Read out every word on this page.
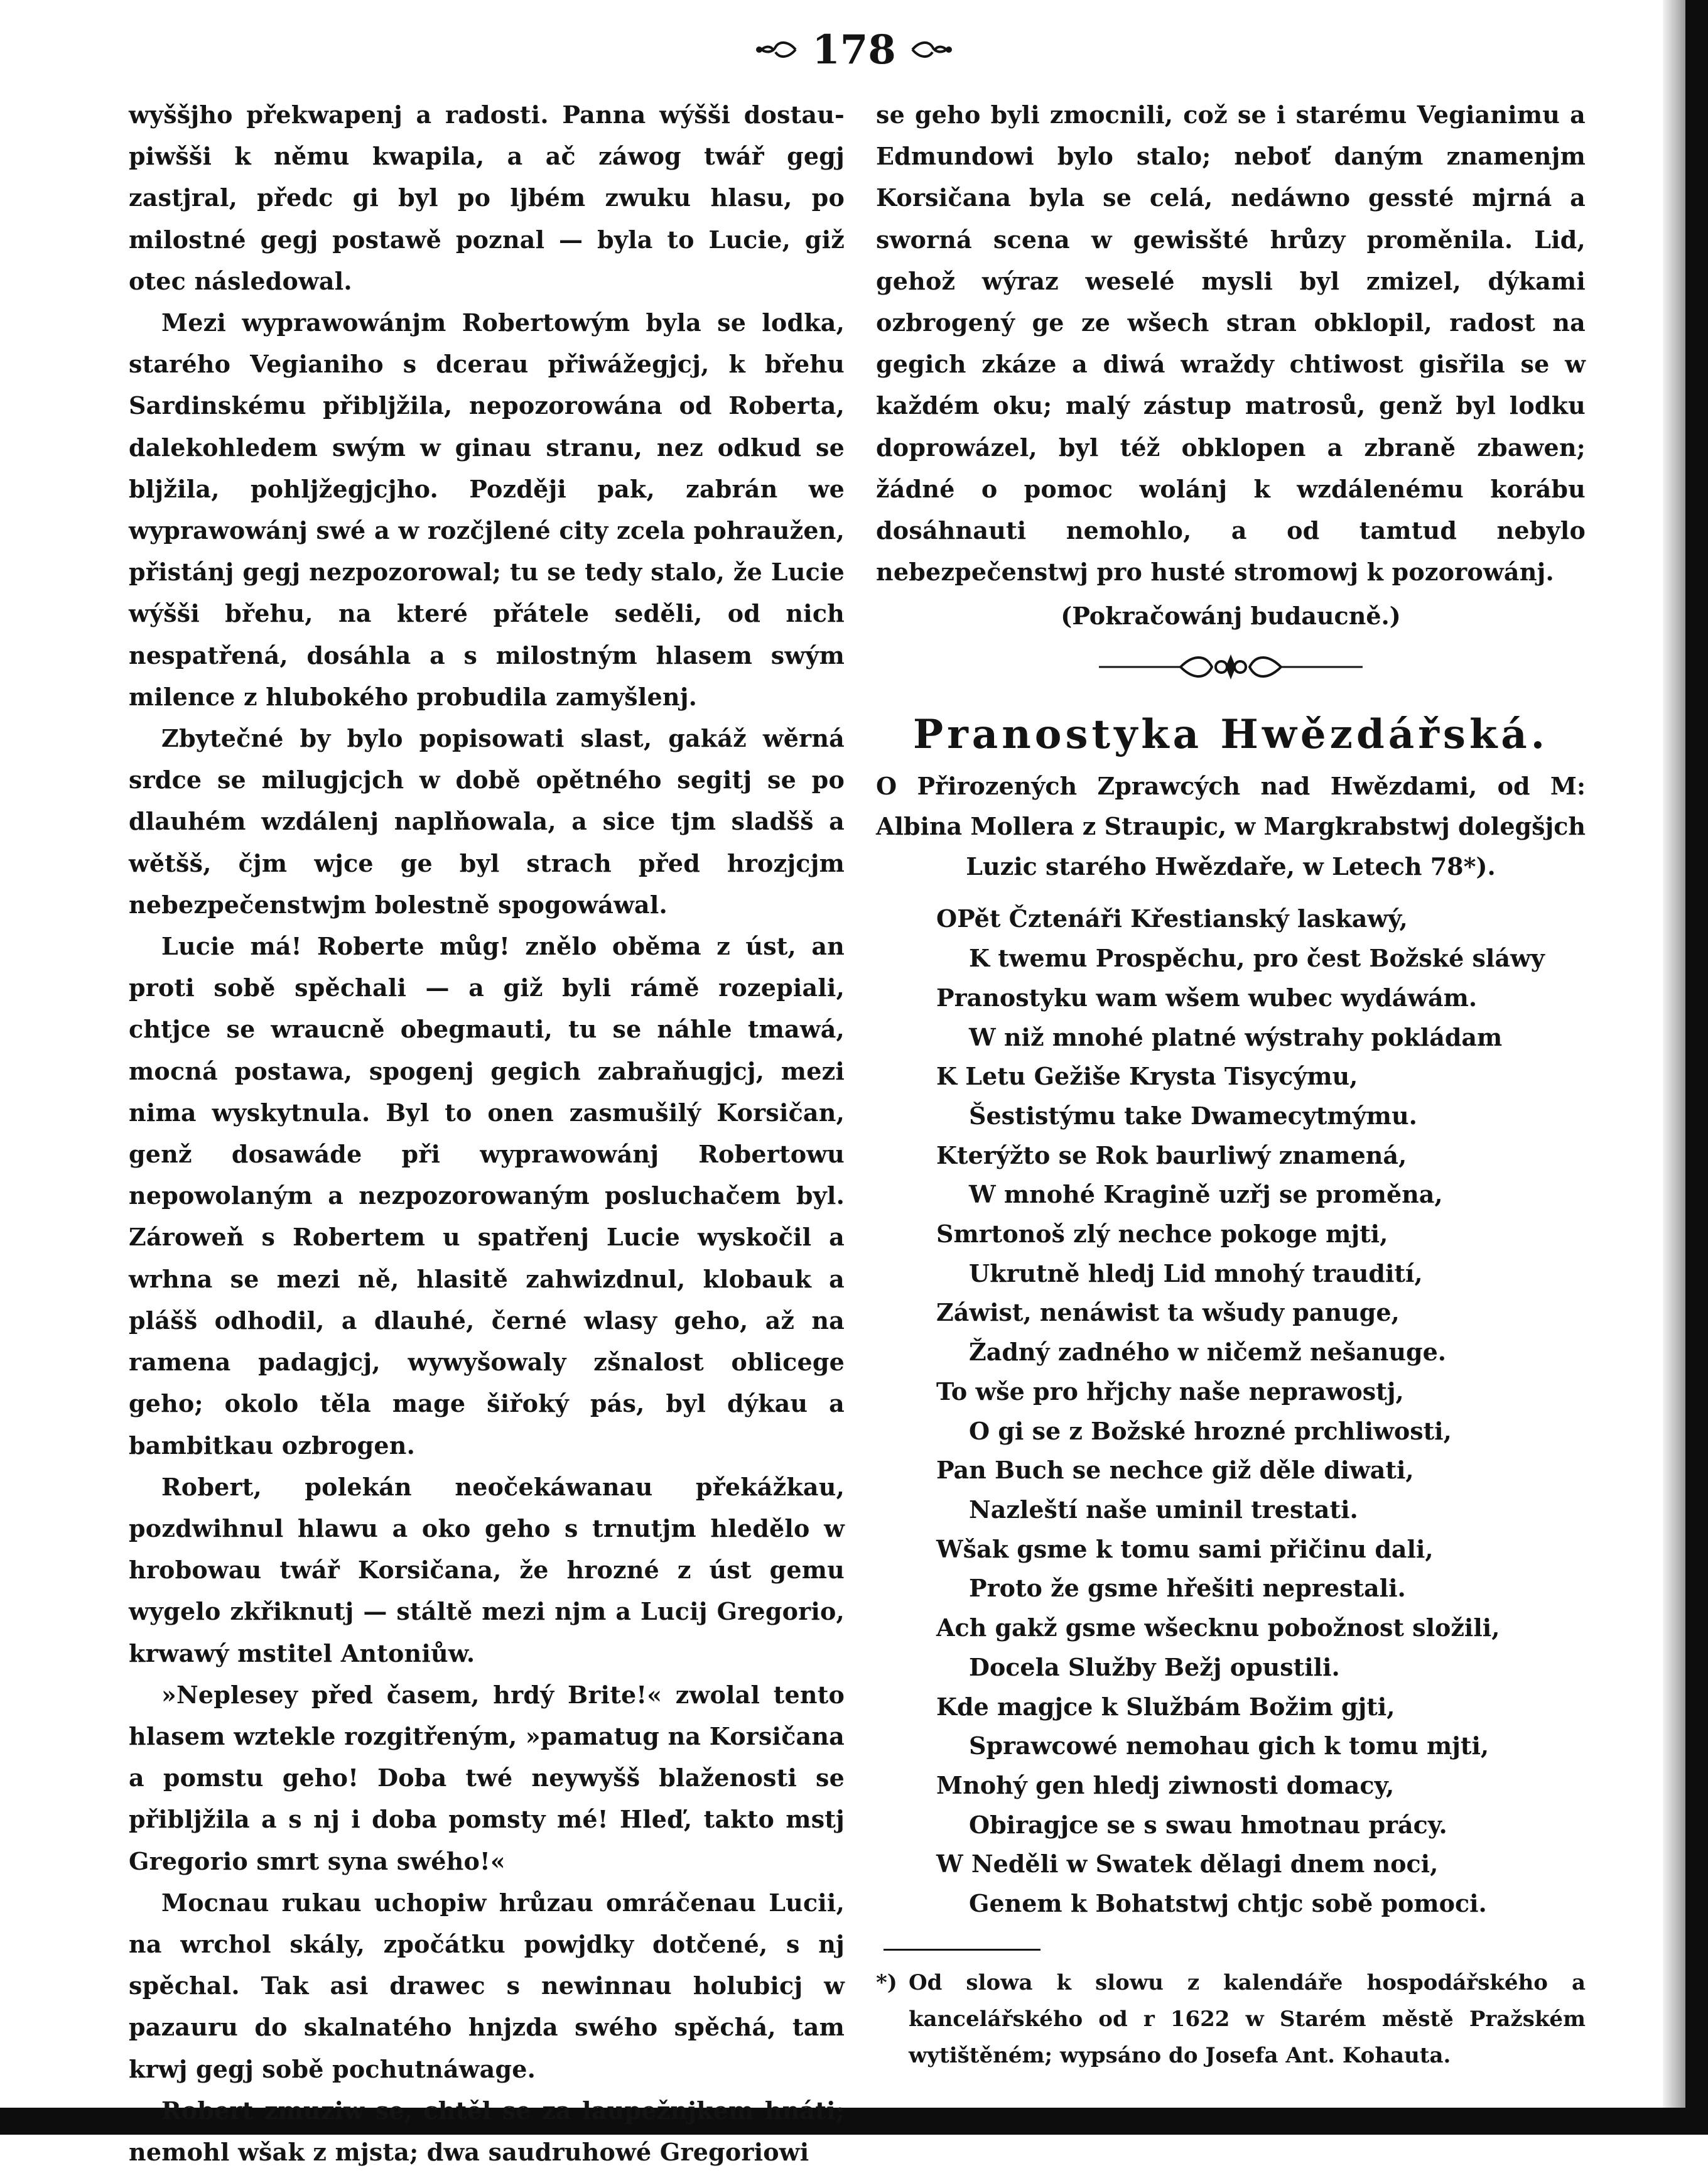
178

wyššjho překwapenj a radosti. Panna wýšši dostau-piwšši k němu kwapila, a ač záwog twář gegj zastjral, předc gi byl po ljbém zwuku hlasu, po milostné gegj postawě poznal — byla to Lucie, giž otec následowal.

Mezi wyprawowánjm Robertowým byla se lodka, starého Vegianiho s dcerau přiwážegjcj, k břehu Sardinskému přibljžila, nepozorowána od Roberta, dalekohledem swým w ginau stranu, nez odkud se bljžila, pohljžegjcjho. Později pak, zabrán we wyprawowánj swé a w rozčjlené city zcela pohraužen, přistánj gegj nezpozorowal; tu se tedy stalo, že Lucie wýšši břehu, na které přátele seděli, od nich nespatřená, dosáhla a s milostným hlasem swým milence z hlubokého probudila zamyšlenj.

Zbytečné by bylo popisowati slast, gakáž wěrná srdce se milugjcjch w době opětného segitj se po dlauhém wzdálenj naplňowala, a sice tjm sladšš a wětšš, čjm wjce ge byl strach před hrozjcjm nebezpečenstwjm bolestně spogowáwal.

Lucie má! Roberte můg! znělo oběma z úst, an proti sobě spěchali — a giž byli rámě rozepiali, chtjce se wraucně obegmauti, tu se náhle tmawá, mocná postawa, spogenj gegich zabraňugjcj, mezi nima wyskytnula. Byl to onen zasmušilý Korsičan, genž dosawáde při wyprawowánj Robertowu nepowolaným a nezpozorowaným posluchačem byl. Zároweň s Robertem u spatřenj Lucie wyskočil a wrhna se mezi ně, hlasitě zahwizdnul, klobauk a plášš odhodil, a dlauhé, černé wlasy geho, až na ramena padagjcj, wywyšowaly zšnalost oblicege geho; okolo těla mage šiřoký pás, byl dýkau a bambitkau ozbrogen.

Robert, polekán neočekáwanau překážkau, pozdwihnul hlawu a oko geho s trnutjm hledělo w hrobowau twář Korsičana, že hrozné z úst gemu wygelo zkřiknutj — stáltě mezi njm a Lucij Gregorio, krwawý mstitel Antoniůw.

»Neplesey před časem, hrdý Brite!« zwolal tento hlasem wztekle rozgitřeným, »pamatug na Korsičana a pomstu geho! Doba twé neywyšš blaženosti se přibljžila a s nj i doba pomsty mé! Hleď, takto mstj Gregorio smrt syna swého!«

Mocnau rukau uchopiw hrůzau omráčenau Lucii, na wrchol skály, zpočátku powjdky dotčené, s nj spěchal. Tak asi drawec s newinnau holubicj w pazauru do skalnatého hnjzda swého spěchá, tam krwj gegj sobě pochutnáwage.

Robert zmuziw se, chtěl se za laupežnjkem hnáti; nemohl wšak z mjsta; dwa saudruhowé Gregoriowi

se geho byli zmocnili, což se i starému Vegianimu a Edmundowi bylo stalo; neboť daným znamenjm Korsičana byla se celá, nedáwno gessté mjrná a sworná scena w gewisšté hrůzy proměnila. Lid, gehož wýraz weselé mysli byl zmizel, dýkami ozbrogený ge ze wšech stran obklopil, radost na gegich zkáze a diwá wraždy chtiwost gisřila se w každém oku; malý zástup matrosů, genž byl lodku doprowázel, byl též obklopen a zbraně zbawen; žádné o pomoc wolánj k wzdálenému korábu dosáhnauti nemohlo, a od tamtud nebylo nebezpečenstwj pro husté stromowj k pozorowánj.

(Pokračowánj budaucně.)

Pranostyka Hwězdářská.

O Přirozených Zprawcých nad Hwězdami, od M: Albina Mollera z Straupic, w Margkrabstwj dolegšjch Luzic starého Hwězdaře, w Letech 78*).

OPět Čztenáři Křestianský laskawý,
K twemu Prospěchu, pro čest Božské sláwy
Pranostyku wam wšem wubec wydáwám.
W niž mnohé platné wýstrahy pokládam
K Letu Gežiše Krysta Tisycýmu,
Šestistýmu take Dwamecytmýmu.
Kterýžto se Rok baurliwý znamená,
W mnohé Kragině uzřj se proměna,
Smrtonoš zlý nechce pokoge mjti,
Ukrutně hledj Lid mnohý traudití,
Záwist, nenáwist ta wšudy panuge,
Žadný zadného w ničemž nešanuge.
To wše pro hřjchy naše neprawostj,
O gi se z Božské hrozné prchliwosti,
Pan Buch se nechce giž děle diwati,
Nazleští naše uminil trestati.
Wšak gsme k tomu sami přičinu dali,
Proto že gsme hřešiti neprestali.
Ach gakž gsme wšecknu pobožnost složili,
Docela Služby Bežj opustili.
Kde magjce k Službám Božim gjti,
Sprawcowé nemohau gich k tomu mjti,
Mnohý gen hledj ziwnosti domacy,
Obiragjce se s swau hmotnau prácy.
W Neděli w Swatek dělagi dnem noci,
Genem k Bohatstwj chtjc sobě pomoci.

*) Od slowa k slowu z kalendáře hospodářského a kancelářského od r 1622 w Starém městě Pražském wytištěném; wypsáno do Josefa Ant. Kohauta.
